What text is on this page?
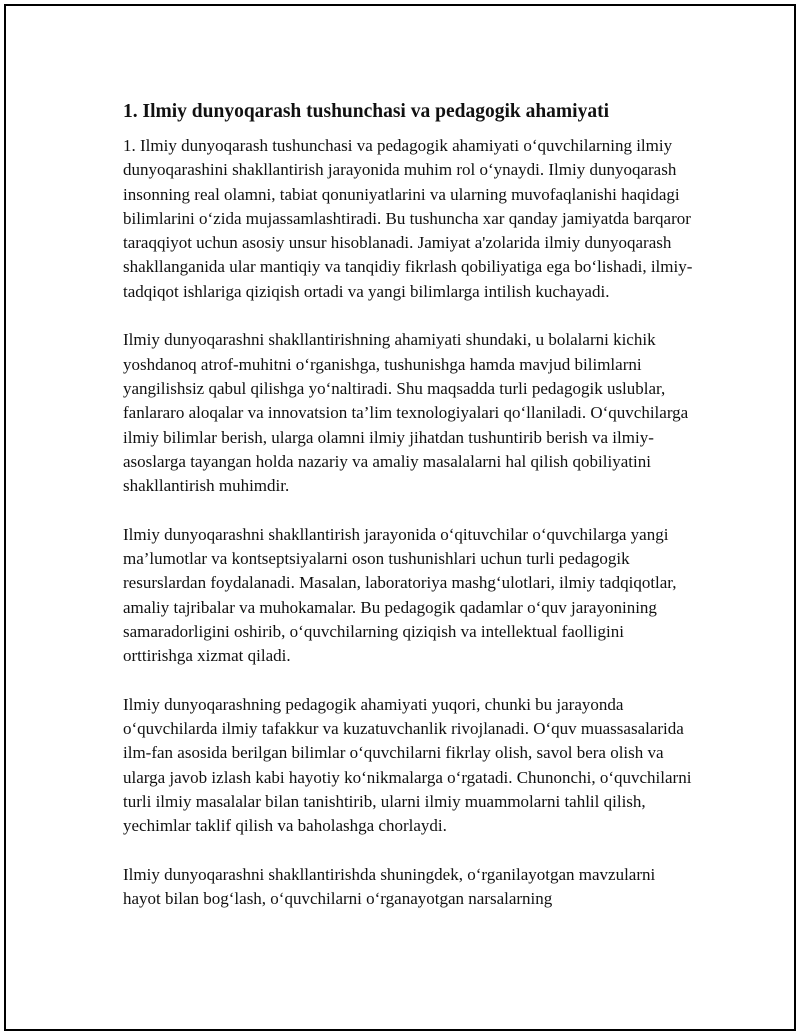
1. Ilmiy dunyoqarash tushunchasi va pedagogik ahamiyati

1. Ilmiy dunyoqarash tushunchasi va pedagogik ahamiyati o‘quvchilarning ilmiy dunyoqarashini shakllantirish jarayonida muhim rol o‘ynaydi. Ilmiy dunyoqarash insonning real olamni, tabiat qonuniyatlarini va ularning muvofaqlanishi haqidagi bilimlarini o‘zida mujassamlashtiradi. Bu tushuncha xar qanday jamiyatda barqaror taraqqiyot uchun asosiy unsur hisoblanadi. Jamiyat a'zolarida ilmiy dunyoqarash shakllanganida ular mantiqiy va tanqidiy fikrlash qobiliyatiga ega bo‘lishadi, ilmiy-tadqiqot ishlariga qiziqish ortadi va yangi bilimlarga intilish kuchayadi.

Ilmiy dunyoqarashni shakllantirishning ahamiyati shundaki, u bolalarni kichik yoshdanoq atrof-muhitni o‘rganishga, tushunishga hamda mavjud bilimlarni yangilishsiz qabul qilishga yo‘naltiradi. Shu maqsadda turli pedagogik uslublar, fanlararo aloqalar va innovatsion ta’lim texnologiyalari qo‘llaniladi. O‘quvchilarga ilmiy bilimlar berish, ularga olamni ilmiy jihatdan tushuntirib berish va ilmiy-asoslarga tayangan holda nazariy va amaliy masalalarni hal qilish qobiliyatini shakllantirish muhimdir.

Ilmiy dunyoqarashni shakllantirish jarayonida o‘qituvchilar o‘quvchilarga yangi ma’lumotlar va kontseptsiyalarni oson tushunishlari uchun turli pedagogik resurslardan foydalanadi. Masalan, laboratoriya mashg‘ulotlari, ilmiy tadqiqotlar, amaliy tajribalar va muhokamalar. Bu pedagogik qadamlar o‘quv jarayonining samaradorligini oshirib, o‘quvchilarning qiziqish va intellektual faolligini orttirishga xizmat qiladi.

Ilmiy dunyoqarashning pedagogik ahamiyati yuqori, chunki bu jarayonda o‘quvchilarda ilmiy tafakkur va kuzatuvchanlik rivojlanadi. O‘quv muassasalarida ilm-fan asosida berilgan bilimlar o‘quvchilarni fikrlay olish, savol bera olish va ularga javob izlash kabi hayotiy ko‘nikmalarga o‘rgatadi. Chunonchi, o‘quvchilarni turli ilmiy masalalar bilan tanishtirib, ularni ilmiy muammolarni tahlil qilish, yechimlar taklif qilish va baholashga chorlaydi.

Ilmiy dunyoqarashni shakllantirishda shuningdek, o‘rganilayotgan mavzularni hayot bilan bog‘lash, o‘quvchilarni o‘rganayotgan narsalarning
